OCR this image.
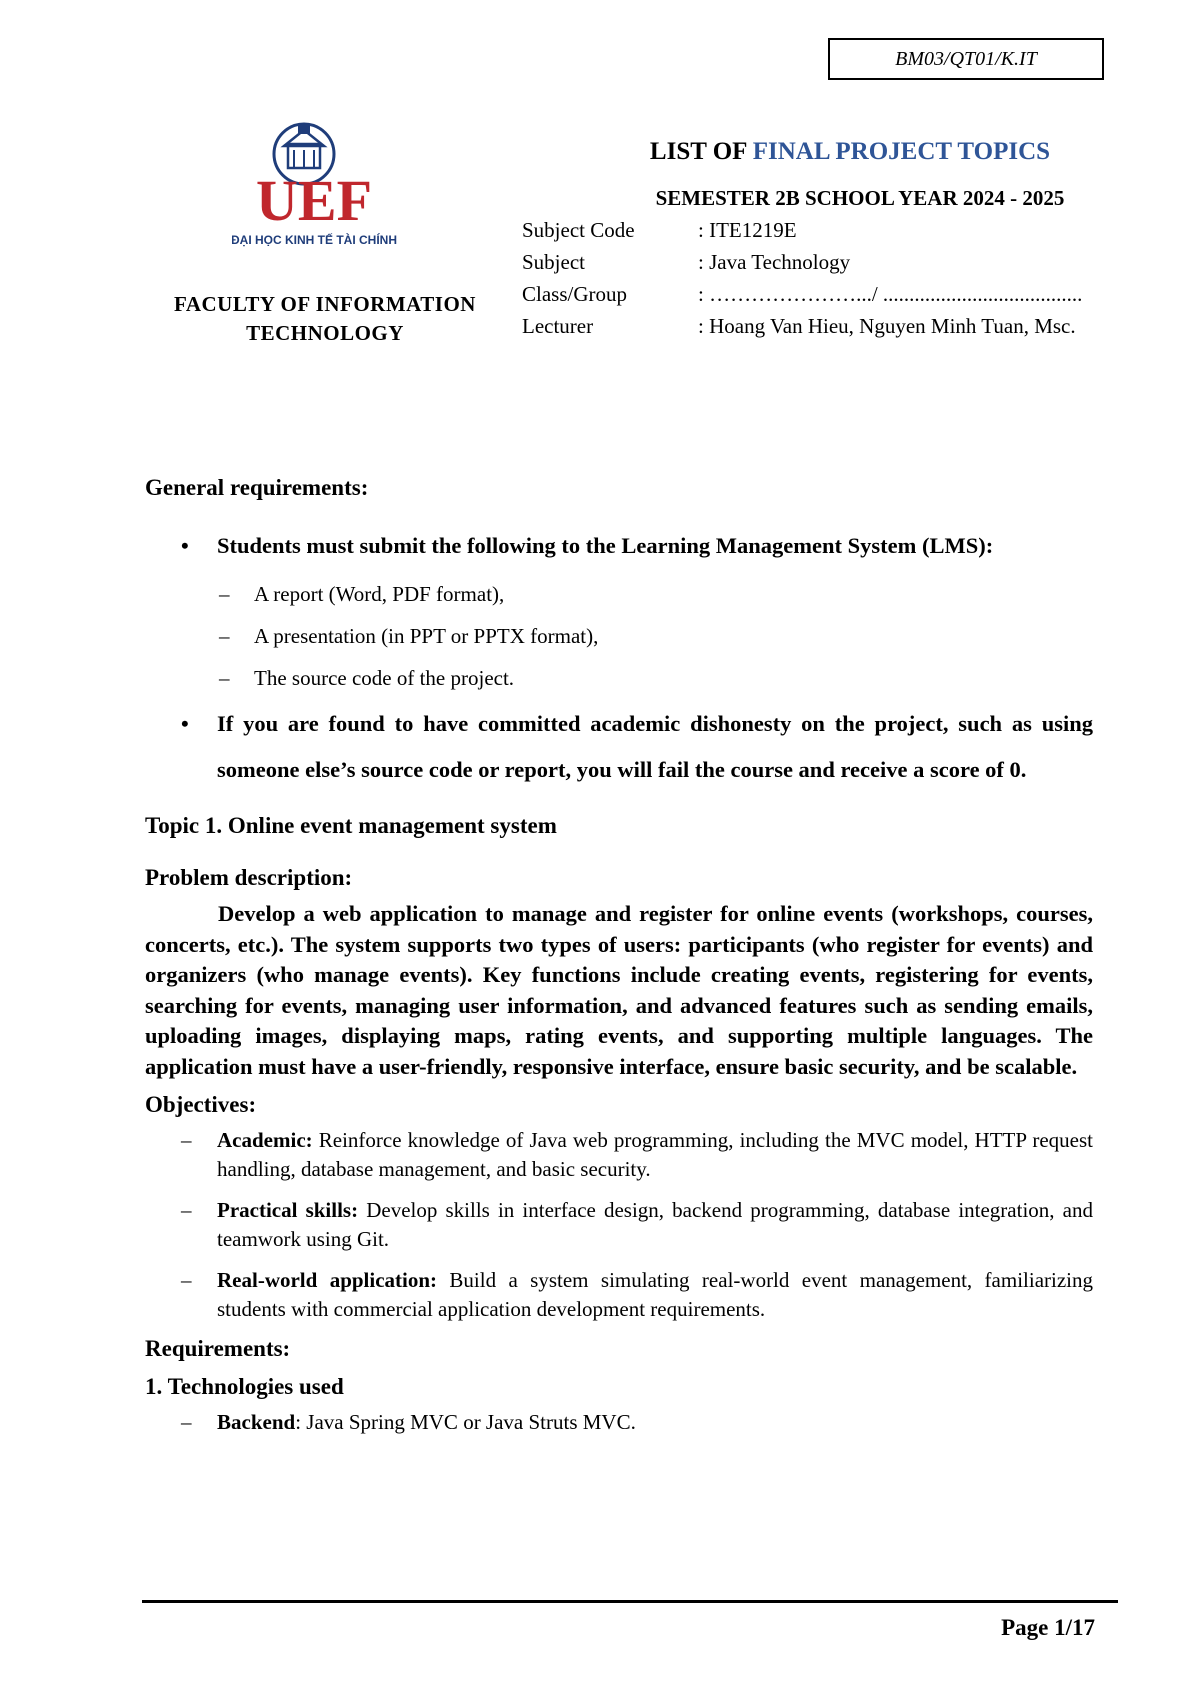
BM03/QT01/K.IT
UEF
ĐẠI HỌC KINH TẾ TÀI CHÍNH
FACULTY OF INFORMATION
TECHNOLOGY
LIST OF FINAL PROJECT TOPICS
SEMESTER 2B SCHOOL YEAR 2024 - 2025
Subject Code	: ITE1219E
Subject	: Java Technology
Class/Group	: ………………….../ ......................................
Lecturer	: Hoang Van Hieu, Nguyen Minh Tuan, Msc.

General requirements:

• Students must submit the following to the Learning Management System (LMS):
– A report (Word, PDF format),
– A presentation (in PPT or PPTX format),
– The source code of the project.
• If you are found to have committed academic dishonesty on the project, such as using someone else’s source code or report, you will fail the course and receive a score of 0.

Topic 1. Online event management system

Problem description:

Develop a web application to manage and register for online events (workshops, courses, concerts, etc.). The system supports two types of users: participants (who register for events) and organizers (who manage events). Key functions include creating events, registering for events, searching for events, managing user information, and advanced features such as sending emails, uploading images, displaying maps, rating events, and supporting multiple languages. The application must have a user-friendly, responsive interface, ensure basic security, and be scalable.

Objectives:

– Academic: Reinforce knowledge of Java web programming, including the MVC model, HTTP request handling, database management, and basic security.
– Practical skills: Develop skills in interface design, backend programming, database integration, and teamwork using Git.
– Real-world application: Build a system simulating real-world event management, familiarizing students with commercial application development requirements.

Requirements:

1. Technologies used

– Backend: Java Spring MVC or Java Struts MVC.
Page 1/17
